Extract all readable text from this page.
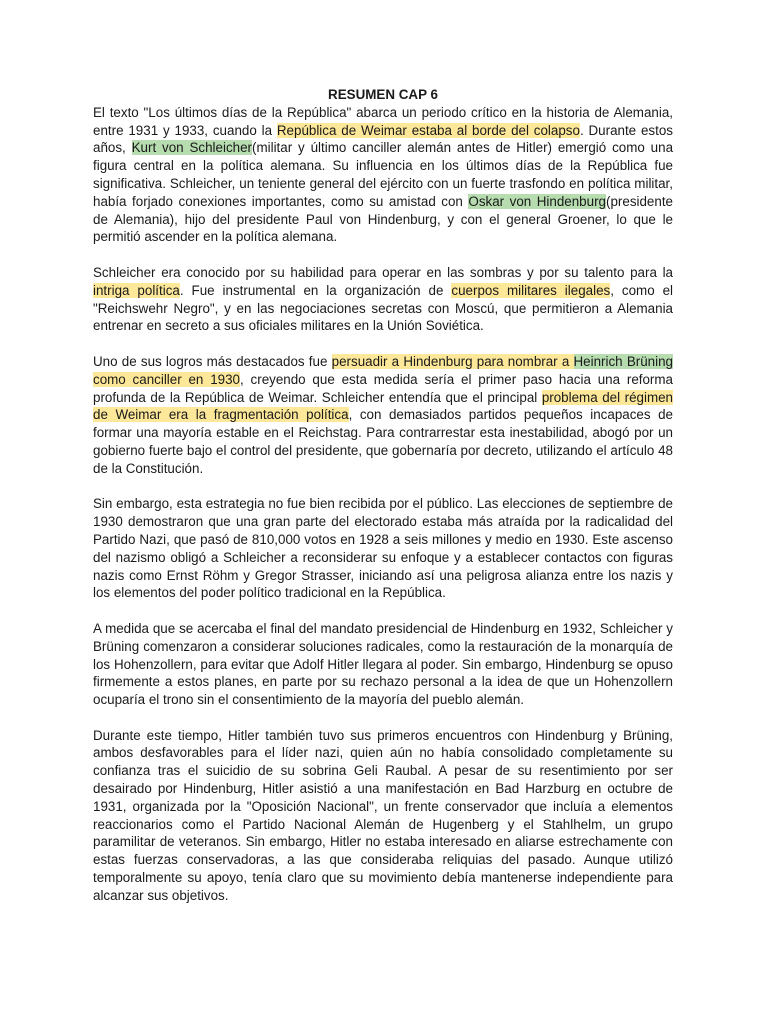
RESUMEN CAP 6

El texto "Los últimos días de la República" abarca un periodo crítico en la historia de Alemania, entre 1931 y 1933, cuando la República de Weimar estaba al borde del colapso. Durante estos años, Kurt von Schleicher(militar y último canciller alemán antes de Hitler) emergió como una figura central en la política alemana. Su influencia en los últimos días de la República fue significativa. Schleicher, un teniente general del ejército con un fuerte trasfondo en política militar, había forjado conexiones importantes, como su amistad con Oskar von Hindenburg(presidente de Alemania), hijo del presidente Paul von Hindenburg, y con el general Groener, lo que le permitió ascender en la política alemana.

Schleicher era conocido por su habilidad para operar en las sombras y por su talento para la intriga política. Fue instrumental en la organización de cuerpos militares ilegales, como el "Reichswehr Negro", y en las negociaciones secretas con Moscú, que permitieron a Alemania entrenar en secreto a sus oficiales militares en la Unión Soviética.

Uno de sus logros más destacados fue persuadir a Hindenburg para nombrar a Heinrich Brüning como canciller en 1930, creyendo que esta medida sería el primer paso hacia una reforma profunda de la República de Weimar. Schleicher entendía que el principal problema del régimen de Weimar era la fragmentación política, con demasiados partidos pequeños incapaces de formar una mayoría estable en el Reichstag. Para contrarrestar esta inestabilidad, abogó por un gobierno fuerte bajo el control del presidente, que gobernaría por decreto, utilizando el artículo 48 de la Constitución.

Sin embargo, esta estrategia no fue bien recibida por el público. Las elecciones de septiembre de 1930 demostraron que una gran parte del electorado estaba más atraída por la radicalidad del Partido Nazi, que pasó de 810,000 votos en 1928 a seis millones y medio en 1930. Este ascenso del nazismo obligó a Schleicher a reconsiderar su enfoque y a establecer contactos con figuras nazis como Ernst Röhm y Gregor Strasser, iniciando así una peligrosa alianza entre los nazis y los elementos del poder político tradicional en la República.

A medida que se acercaba el final del mandato presidencial de Hindenburg en 1932, Schleicher y Brüning comenzaron a considerar soluciones radicales, como la restauración de la monarquía de los Hohenzollern, para evitar que Adolf Hitler llegara al poder. Sin embargo, Hindenburg se opuso firmemente a estos planes, en parte por su rechazo personal a la idea de que un Hohenzollern ocuparía el trono sin el consentimiento de la mayoría del pueblo alemán.

Durante este tiempo, Hitler también tuvo sus primeros encuentros con Hindenburg y Brüning, ambos desfavorables para el líder nazi, quien aún no había consolidado completamente su confianza tras el suicidio de su sobrina Geli Raubal. A pesar de su resentimiento por ser desairado por Hindenburg, Hitler asistió a una manifestación en Bad Harzburg en octubre de 1931, organizada por la "Oposición Nacional", un frente conservador que incluía a elementos reaccionarios como el Partido Nacional Alemán de Hugenberg y el Stahlhelm, un grupo paramilitar de veteranos. Sin embargo, Hitler no estaba interesado en aliarse estrechamente con estas fuerzas conservadoras, a las que consideraba reliquias del pasado. Aunque utilizó temporalmente su apoyo, tenía claro que su movimiento debía mantenerse independiente para alcanzar sus objetivos.
